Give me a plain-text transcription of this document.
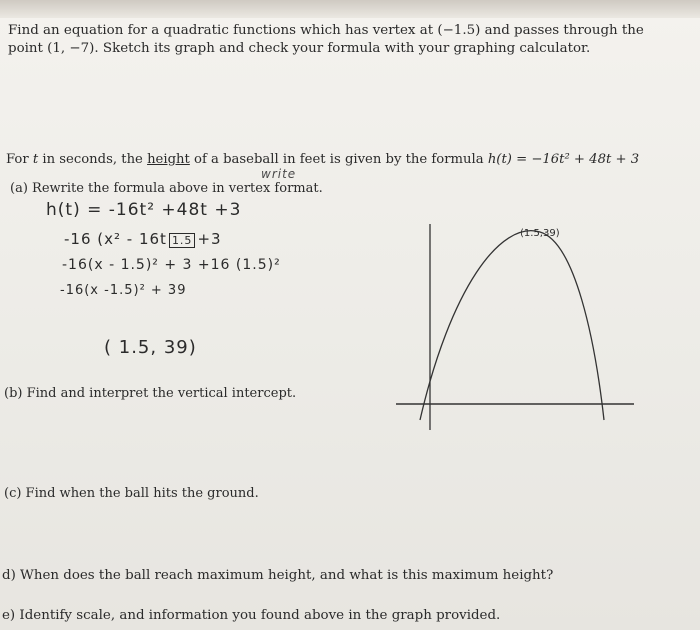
Find an equation for a quadratic functions which has vertex at (−1.5) and passes through the
point (1, −7). Sketch its graph and check your formula with your graphing calculator.
For t in seconds, the height of a baseball in feet is given by the formula h(t) = −16t² + 48t + 3
write
(a) Rewrite the formula above in vertex format.
h(t) = -16t² +48t +3
-16 (x² - 16t 1.5 +3
-16(x - 1.5)² + 3 +16 (1.5)²
-16(x -1.5)² + 39
( 1.5, 39)
(b) Find and interpret the vertical intercept.
(c) Find when the ball hits the ground.
d) When does the ball reach maximum height, and what is this maximum height?
e) Identify scale, and information you found above in the graph provided.
(1.5,39)
